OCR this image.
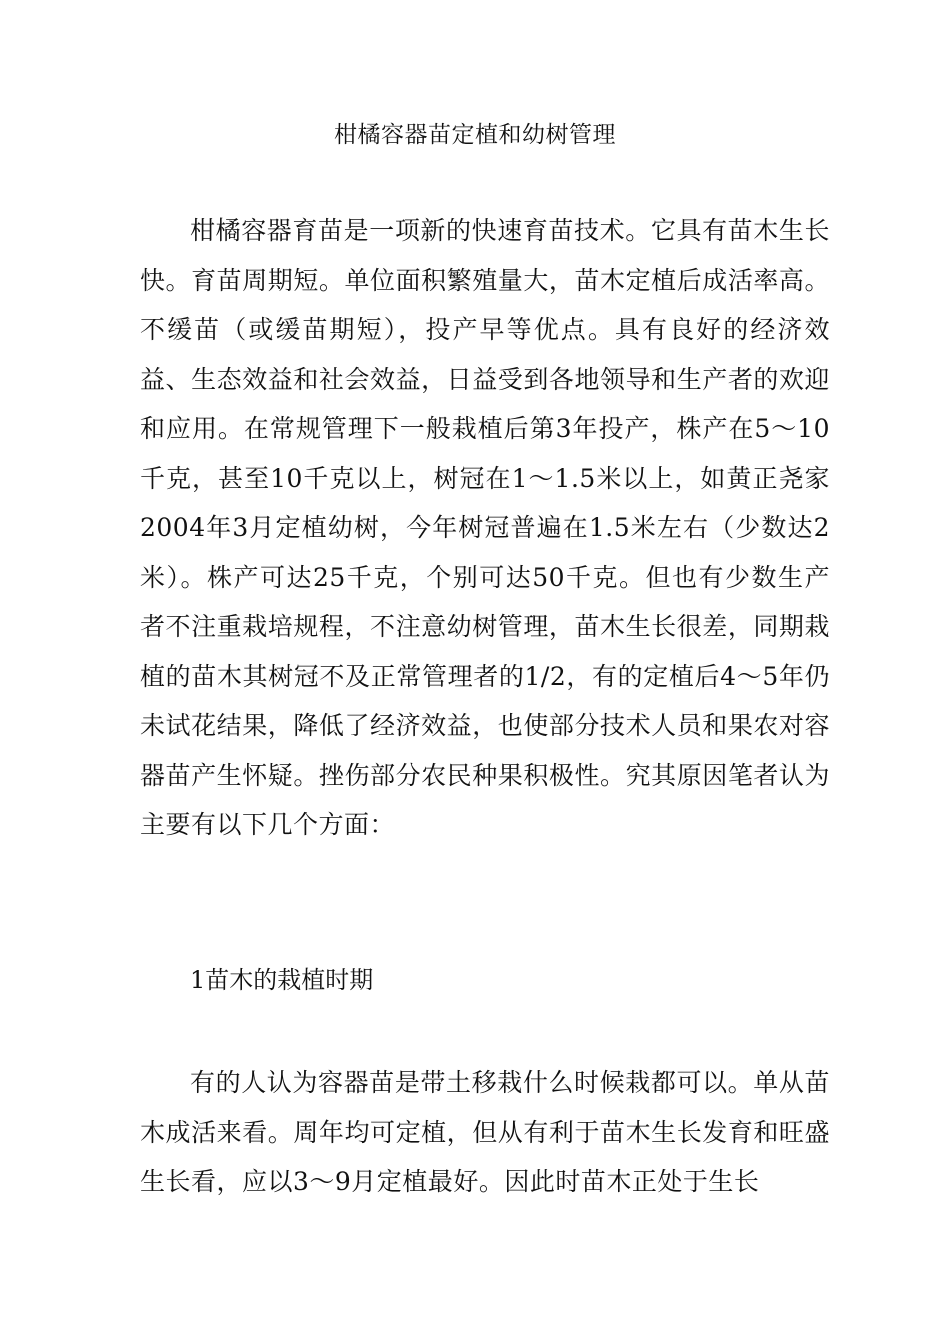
柑橘容器苗定植和幼树管理

柑橘容器育苗是一项新的快速育苗技术。它具有苗木生长快。育苗周期短。单位面积繁殖量大，苗木定植后成活率高。不缓苗（或缓苗期短），投产早等优点。具有良好的经济效益、生态效益和社会效益，日益受到各地领导和生产者的欢迎和应用。在常规管理下一般栽植后第3年投产，株产在5～10千克，甚至10千克以上，树冠在1～1.5米以上，如黄正尧家2004年3月定植幼树，今年树冠普遍在1.5米左右（少数达2米）。株产可达25千克，个别可达50千克。但也有少数生产者不注重栽培规程，不注意幼树管理，苗木生长很差，同期栽植的苗木其树冠不及正常管理者的1/2，有的定植后4～5年仍未试花结果，降低了经济效益，也使部分技术人员和果农对容器苗产生怀疑。挫伤部分农民种果积极性。究其原因笔者认为主要有以下几个方面：

1苗木的栽植时期

有的人认为容器苗是带土移栽什么时候栽都可以。单从苗木成活来看。周年均可定植，但从有利于苗木生长发育和旺盛生长看，应以3～9月定植最好。因此时苗木正处于生长
